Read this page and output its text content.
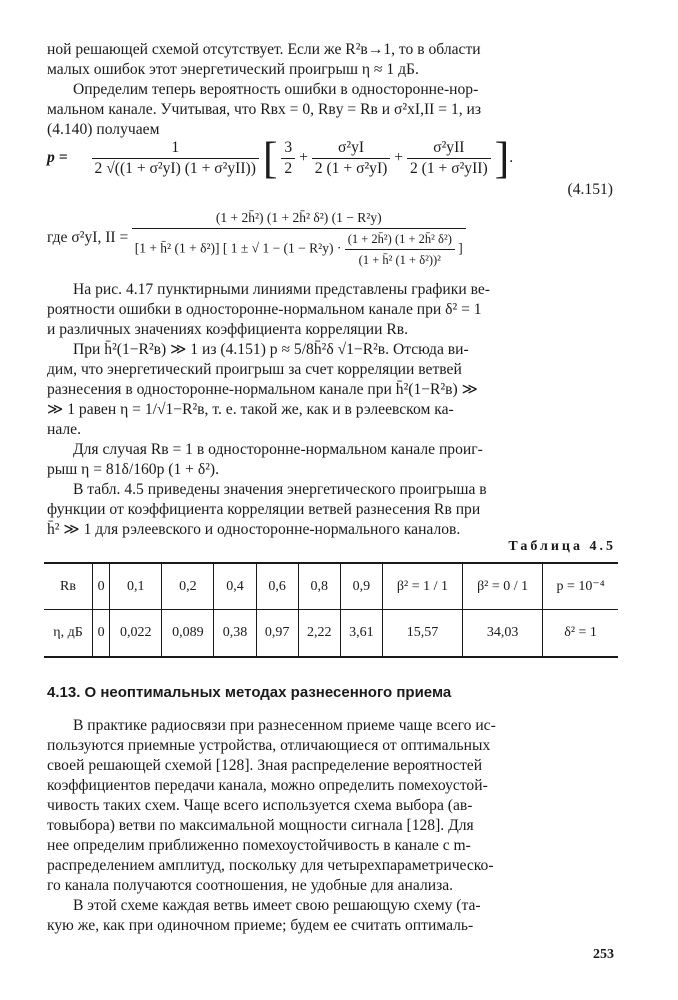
ной решающей схемой отсутствует. Если же R²в→1, то в области
малых ошибок этот энергетический проигрыш η ≈ 1 дБ.
Определим теперь вероятность ошибки в односторонне-нор-
мальном канале. Учитывая, что Rвх = 0, Rвy = Rв и σ²xI,II = 1, из
(4.140) получаем
$p = \frac{1}{\text{2 √((1 + σ²yI) (1 + σ²yII))}}$ [ $\frac{3}{2} + \frac{\text{σ²yI}}{\text{2 (1 + σ²yI)}} + \frac{\text{σ²yII}}{\text{2 (1 + σ²yII)}}$ ].
(4.151)
где σ²yI, II =
(1 + 2h̄²) (1 + 2h̄² δ²) (1 − R²y)
[1 + h̄² (1 + δ²)] [ 1 ± √ $1 - (1 - R^2y) \cdot \frac{\text{(1 + 2h̄²) (1 + 2h̄² δ²)}}{\text{(1 + h̄² (1 + δ²))²}}$ ]
На рис. 4.17 пунктирными линиями представлены графики ве-
роятности ошибки в односторонне-нормальном канале при δ² = 1
и различных значениях коэффициента корреляции Rв.
При h̄²(1−R²в) ≫ 1 из (4.151) p ≈ 5/8h̄²δ √1−R²в. Отсюда ви-
дим, что энергетический проигрыш за счет корреляции ветвей
разнесения в односторонне-нормальном канале при h̄²(1−R²в) ≫
≫ 1 равен η = 1/√1−R²в, т. е. такой же, как и в рэлеевском ка-
нале.
Для случая Rв = 1 в односторонне-нормальном канале проиг-
рыш η = 81δ/160p (1 + δ²).
В табл. 4.5 приведены значения энергетического проигрыша в
функции от коэффициента корреляции ветвей разнесения Rв при
h̄² ≫ 1 для рэлеевского и односторонне-нормального каналов.
Таблица 4.5
Rв	0	0,1	0,2	0,4	0,6	0,8	0,9	β² = 1 / 1	β² = 0 / 1	p = 10⁻⁴
η, дБ	0	0,022	0,089	0,38	0,97	2,22	3,61	15,57	34,03	δ² = 1
4.13. О неоптимальных методах разнесенного приема
В практике радиосвязи при разнесенном приеме чаще всего ис-
пользуются приемные устройства, отличающиеся от оптимальных
своей решающей схемой [128]. Зная распределение вероятностей
коэффициентов передачи канала, можно определить помехоустой-
чивость таких схем. Чаще всего используется схема выбора (ав-
товыбора) ветви по максимальной мощности сигнала [128]. Для
нее определим приближенно помехоустойчивость в канале с m-
распределением амплитуд, поскольку для четырехпараметрическо-
го канала получаются соотношения, не удобные для анализа.
В этой схеме каждая ветвь имеет свою решающую схему (та-
кую же, как при одиночном приеме; будем ее считать оптималь-
253
